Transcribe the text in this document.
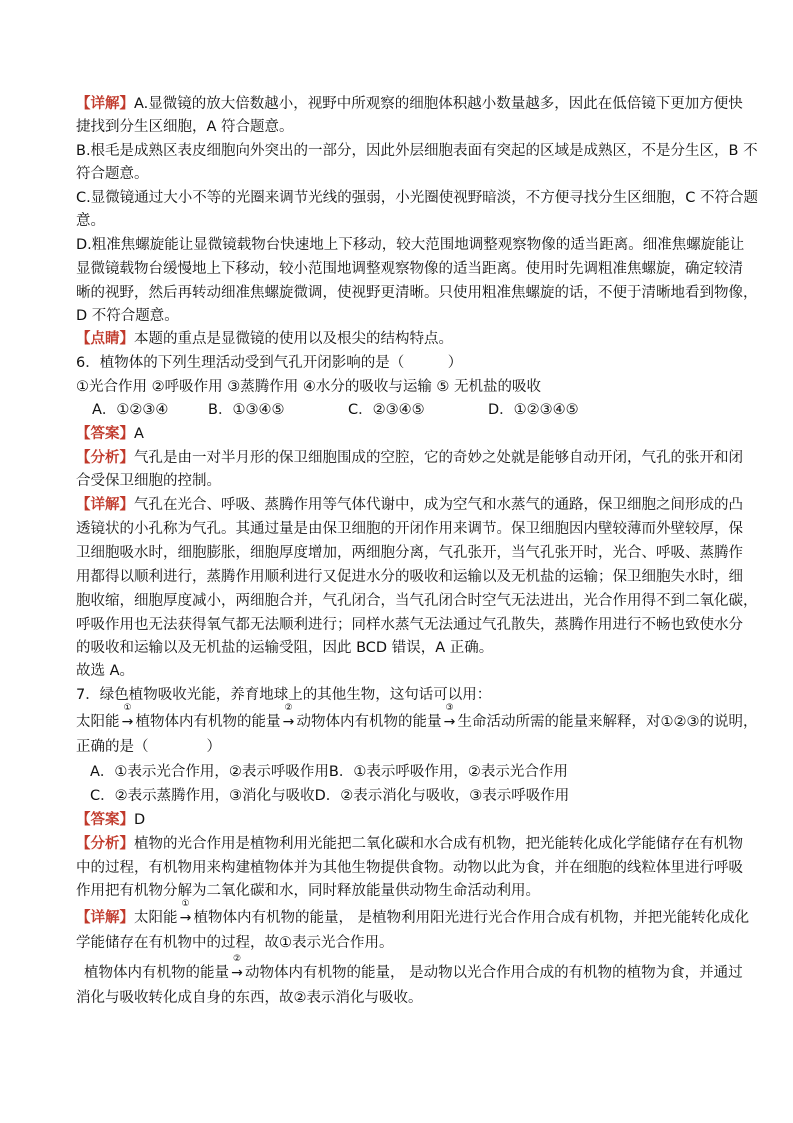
【详解】A.显微镜的放大倍数越小，视野中所观察的细胞体积越小数量越多，因此在低倍镜下更加方便快
捷找到分生区细胞，A 符合题意。
B.根毛是成熟区表皮细胞向外突出的一部分，因此外层细胞表面有突起的区域是成熟区，不是分生区，B 不
符合题意。
C.显微镜通过大小不等的光圈来调节光线的强弱，小光圈使视野暗淡，不方便寻找分生区细胞，C 不符合题
意。
D.粗准焦螺旋能让显微镜载物台快速地上下移动，较大范围地调整观察物像的适当距离。细准焦螺旋能让
显微镜载物台缓慢地上下移动，较小范围地调整观察物像的适当距离。使用时先调粗准焦螺旋，确定较清
晰的视野，然后再转动细准焦螺旋微调，使视野更清晰。只使用粗准焦螺旋的话，不便于清晰地看到物像，
D 不符合题意。
【点睛】本题的重点是显微镜的使用以及根尖的结构特点。
6．植物体的下列生理活动受到气孔开闭影响的是（　　　）
①光合作用 ②呼吸作用 ③蒸腾作用 ④水分的吸收与运输 ⑤ 无机盐的吸收
A．①②③④	B．①③④⑤	C．②③④⑤	D．①②③④⑤
【答案】A
【分析】气孔是由一对半月形的保卫细胞围成的空腔，它的奇妙之处就是能够自动开闭，气孔的张开和闭
合受保卫细胞的控制。
【详解】气孔在光合、呼吸、蒸腾作用等气体代谢中，成为空气和水蒸气的通路，保卫细胞之间形成的凸
透镜状的小孔称为气孔。其通过量是由保卫细胞的开闭作用来调节。保卫细胞因内壁较薄而外壁较厚，保
卫细胞吸水时，细胞膨胀，细胞厚度增加，两细胞分离，气孔张开，当气孔张开时，光合、呼吸、蒸腾作
用都得以顺利进行，蒸腾作用顺利进行又促进水分的吸收和运输以及无机盐的运输；保卫细胞失水时，细
胞收缩，细胞厚度减小，两细胞合并，气孔闭合，当气孔闭合时空气无法进出，光合作用得不到二氧化碳，
呼吸作用也无法获得氧气都无法顺利进行；同样水蒸气无法通过气孔散失，蒸腾作用进行不畅也致使水分
的吸收和运输以及无机盐的运输受阻，因此 BCD 错误，A 正确。
故选 A。
7．绿色植物吸收光能，养育地球上的其他生物，这句话可以用：
太阳能
①
→ 植物体内有机物的能量
②
→ 动物体内有机物的能量
③
→ 生命活动所需的能量来解释，对①②③的说明，
正确的是（　　　　）
A．①表示光合作用，②表示呼吸作用B．①表示呼吸作用，②表示光合作用
C．②表示蒸腾作用，③消化与吸收D．②表示消化与吸收，③表示呼吸作用
【答案】D
【分析】植物的光合作用是植物利用光能把二氧化碳和水合成有机物，把光能转化成化学能储存在有机物
中的过程，有机物用来构建植物体并为其他生物提供食物。动物以此为食，并在细胞的线粒体里进行呼吸
作用把有机物分解为二氧化碳和水，同时释放能量供动物生命活动利用。
【详解】太阳能
①
→ 植物体内有机物的能量， 是植物利用阳光进行光合作用合成有机物，并把光能转化成化
学能储存在有机物中的过程，故①表示光合作用。
植物体内有机物的能量
②
→ 动物体内有机物的能量， 是动物以光合作用合成的有机物的植物为食，并通过
消化与吸收转化成自身的东西，故②表示消化与吸收。
